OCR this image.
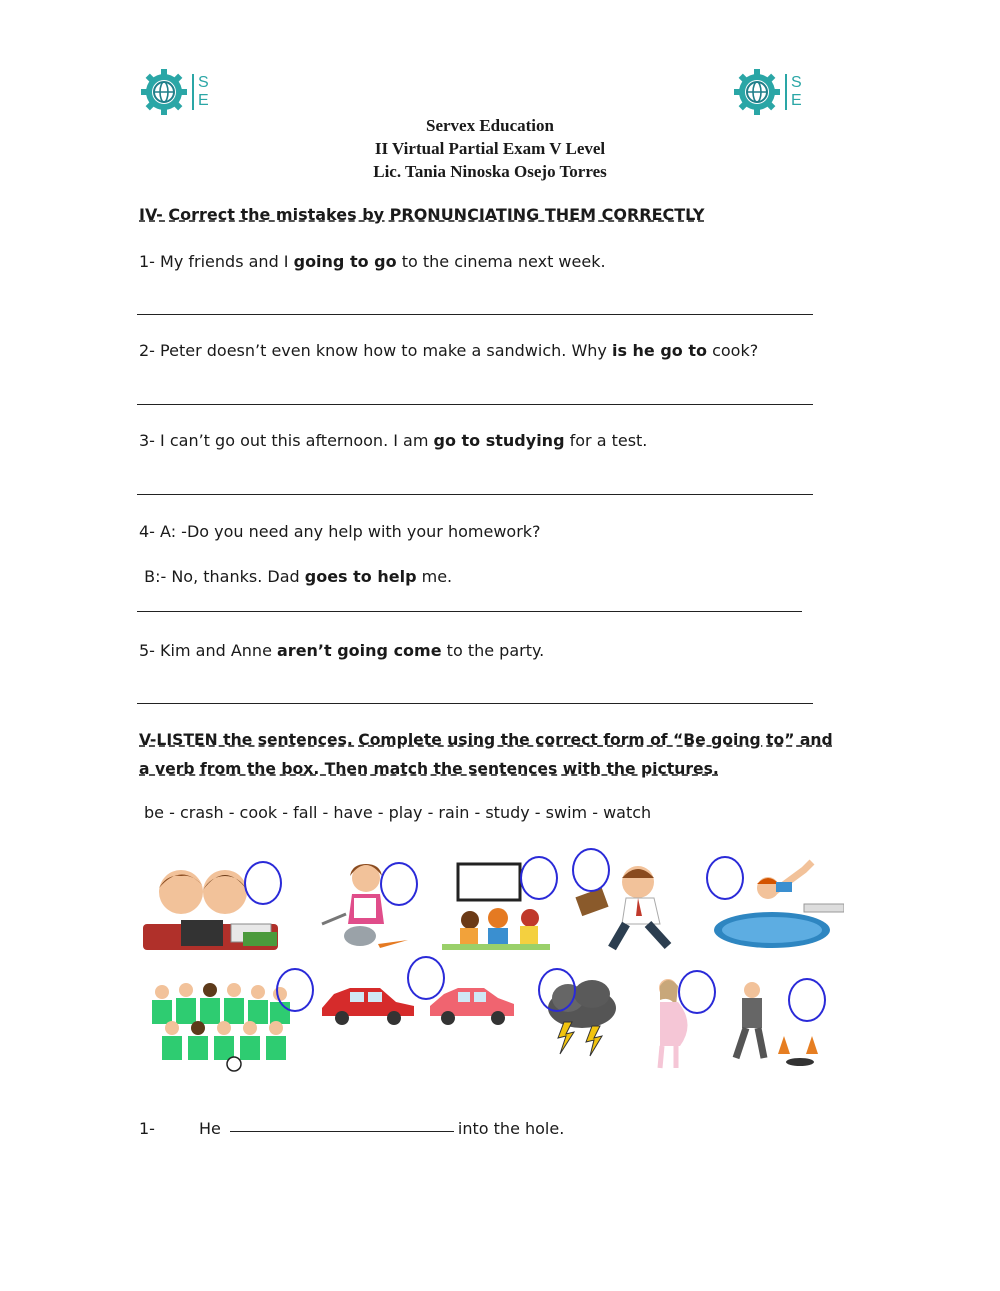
S
E
S
E
Servex Education
II Virtual Partial Exam V Level
Lic. Tania Ninoska Osejo Torres
IV- Correct the mistakes by PRONUNCIATING THEM CORRECTLY
1- My friends and I going to go to the cinema next week.
2- Peter doesn’t even know how to make a sandwich. Why is he go to cook?
3- I can’t go out this afternoon. I am go to studying for a test.
4- A: -Do you need any help with your homework?
B:- No, thanks. Dad goes to help me.
5- Kim and Anne aren’t going come to the party.
V-LISTEN the sentences. Complete using the correct form of “Be going to” and
a verb from the box. Then match the sentences with the pictures.
be - crash - cook - fall - have - play - rain - study - swim - watch
1-	He	into the hole.
